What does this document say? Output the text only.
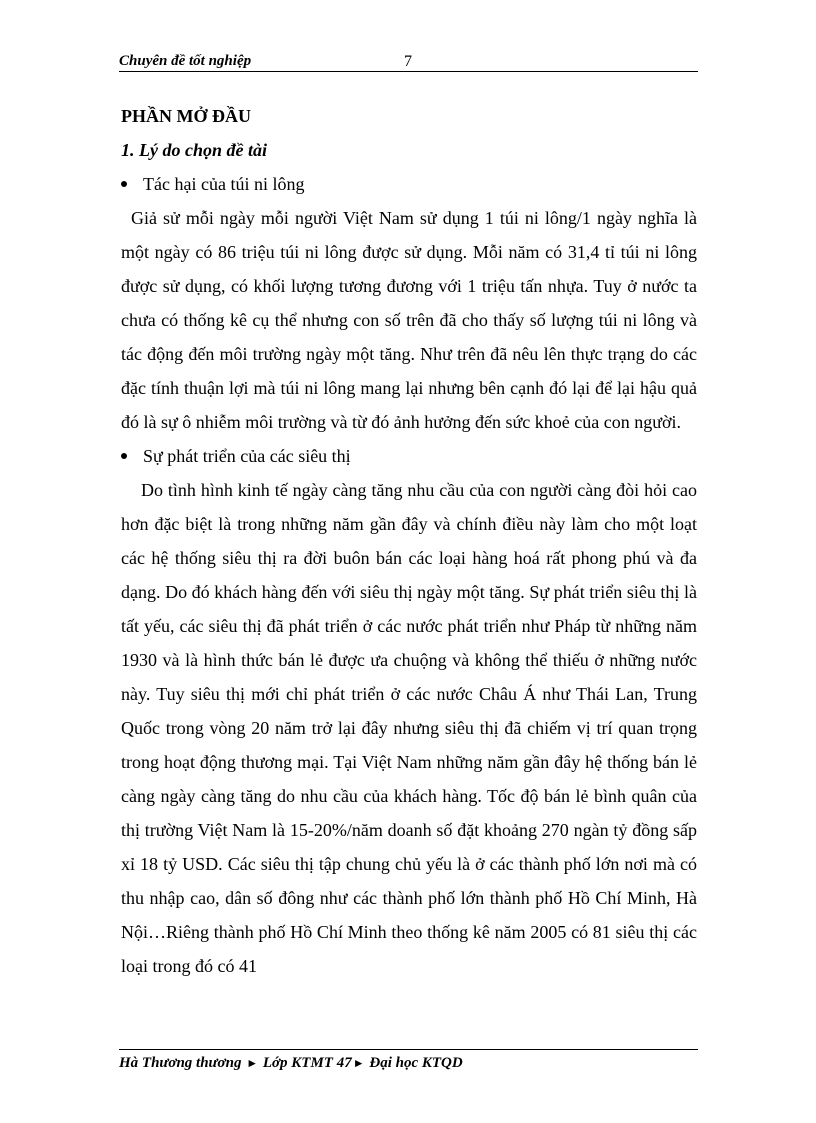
Chuyên đề tốt nghiệp	7

PHẦN MỞ ĐẦU

1. Lý do chọn đề tài

Tác hại của túi ni lông

Giả sử mỗi ngày mỗi người Việt Nam sử dụng 1 túi ni lông/1 ngày nghĩa là một ngày có 86 triệu túi ni lông được sử dụng. Mỗi năm có 31,4 tỉ túi ni lông được sử dụng, có khối lượng tương đương với 1 triệu tấn nhựa. Tuy ở nước ta chưa có thống kê cụ thể nhưng con số trên đã cho thấy số lượng túi ni lông và tác động đến môi trường ngày một tăng. Như trên đã nêu lên thực trạng do các đặc tính thuận lợi mà túi ni lông mang lại nhưng bên cạnh đó lại để lại hậu quả đó là sự ô nhiễm môi trường và từ đó ảnh hưởng đến sức khoẻ của con người.

Sự phát triển của các siêu thị

Do tình hình kinh tế ngày càng tăng nhu cầu của con người càng đòi hỏi cao hơn đặc biệt là trong những năm gần đây và chính điều này làm cho một loạt các hệ thống siêu thị ra đời buôn bán các loại hàng hoá rất phong phú và đa dạng. Do đó khách hàng đến với siêu thị ngày một tăng. Sự phát triển siêu thị là tất yếu, các siêu thị đã phát triển ở các nước phát triển như Pháp từ những năm 1930 và là hình thức bán lẻ được ưa chuộng và không thể thiếu ở những nước này. Tuy siêu thị mới chỉ phát triển ở các nước Châu Á như Thái Lan, Trung Quốc trong vòng 20 năm trở lại đây nhưng siêu thị đã chiếm vị trí quan trọng trong hoạt động thương mại. Tại Việt Nam những năm gần đây hệ thống bán lẻ càng ngày càng tăng do nhu cầu của khách hàng. Tốc độ bán lẻ bình quân của thị trường Việt Nam là 15-20%/năm doanh số đặt khoảng 270 ngàn tỷ đồng sấp xỉ 18 tỷ USD. Các siêu thị tập chung chủ yếu là ở các thành phố lớn nơi mà có thu nhập cao, dân số đông như các thành phố lớn thành phố Hồ Chí Minh, Hà Nội…Riêng thành phố Hồ Chí Minh theo thống kê năm 2005 có 81 siêu thị các loại trong đó có 41

Hà Thương thương ► Lớp KTMT 47► Đại học KTQD
